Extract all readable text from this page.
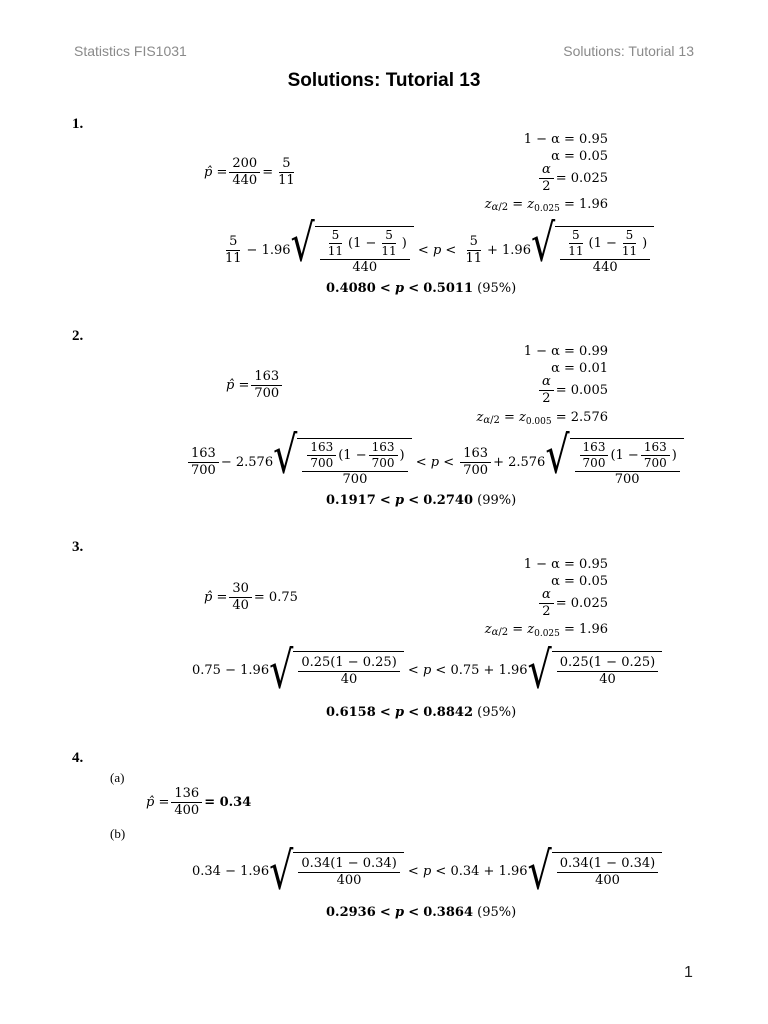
Statistics FIS1031	Solutions: Tutorial 13
Solutions: Tutorial 13
1.
1 − α = 0.95
α = 0.05
$\frac{\alpha}{2} = 0.025$
$z\alpha/2 = z_{0.025} = 1.96$
p̂ = $\frac{200}{440} = \frac{5}{11}$
$\frac{5}{11}$ −
1.96 √ $\frac{\frac{5}{11} ( 1 - \frac{5}{11} )}{440}$
< p <
$\frac{5}{11}$ +
1.96 √ $\frac{\frac{5}{11} ( 1 - \frac{5}{11} )}{440}$
0.4080 < p < 0.5011 (95%)
2.
1 − α = 0.99
α = 0.01
$\frac{\alpha}{2} = 0.005$
$z\alpha/2 = z_{0.005} = 2.576$
p̂ = $\frac{163}{700}$
$\frac{163}{700}$ −
2.576 √ $\frac{\frac{163}{700} ( 1 - \frac{163}{700} )}{700}$
< p <
$\frac{163}{700}$ +
2.576 √ $\frac{\frac{163}{700} ( 1 - \frac{163}{700} )}{700}$
0.1917 < p < 0.2740 (99%)
3.
1 − α = 0.95
α = 0.05
$\frac{\alpha}{2} = 0.025$
$z\alpha/2 = z_{0.025} = 1.96$
p̂ = $\frac{30}{40} = 0.75$
0.75
−
1.96 √ $\frac{0.25(1 - 0.25)}{40}$
< p <
0.75
+
1.96 √ $\frac{0.25(1 - 0.25)}{40}$
0.6158 < p < 0.8842 (95%)
4.
(a)
p̂ = $\frac{136}{400} = 0.34$
(b)
0.34
−
1.96 √ $\frac{0.34(1 - 0.34)}{400}$
< p <
0.34
+
1.96 √ $\frac{0.34(1 - 0.34)}{400}$
0.2936 < p < 0.3864 (95%)
1
